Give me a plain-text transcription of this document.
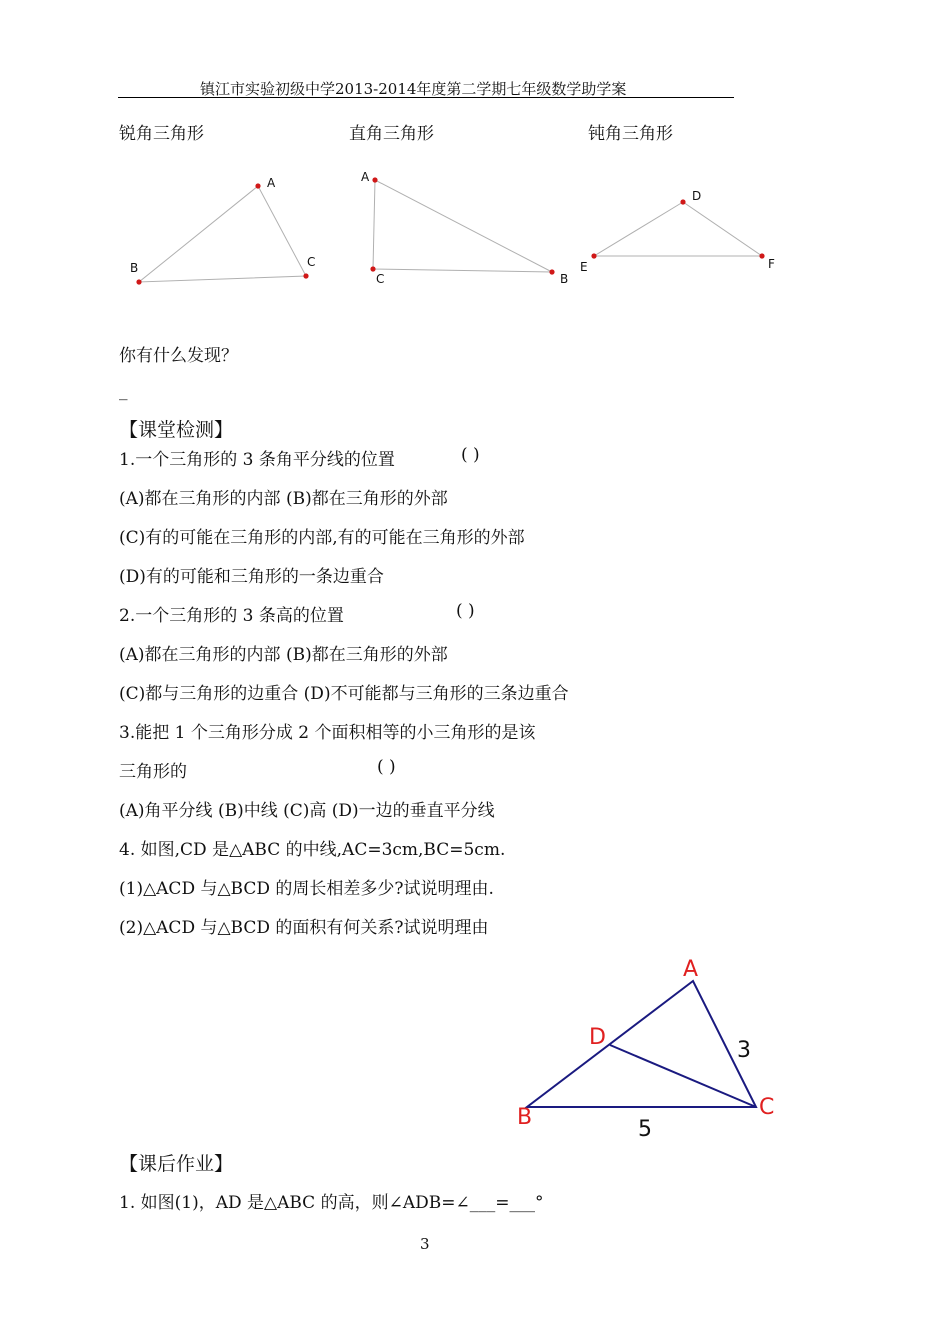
镇江市实验初级中学2013-2014年度第二学期七年级数学助学案
锐角三角形	直角三角形	钝角三角形
A
B	C
A
C	B
D
E	F
A
D
B	C
3
5
你有什么发现？
_
【课堂检测】
1.一个三角形的 3 条角平分线的位置	( )
(A)都在三角形的内部 (B)都在三角形的外部
(C)有的可能在三角形的内部,有的可能在三角形的外部
(D)有的可能和三角形的一条边重合
2.一个三角形的 3 条高的位置	( )
(A)都在三角形的内部 (B)都在三角形的外部
(C)都与三角形的边重合 (D)不可能都与三角形的三条边重合
3.能把 1 个三角形分成 2 个面积相等的小三角形的是该
三角形的	( )
(A)角平分线 (B)中线 (C)高 (D)一边的垂直平分线
4. 如图,CD 是△ABC 的中线,AC=3cm,BC=5cm.
(1)△ACD 与△BCD 的周长相差多少?试说明理由.
(2)△ACD 与△BCD 的面积有何关系?试说明理由
【课后作业】
1. 如图(1)，AD 是△ABC 的高，则∠ADB=∠___=___°
3
